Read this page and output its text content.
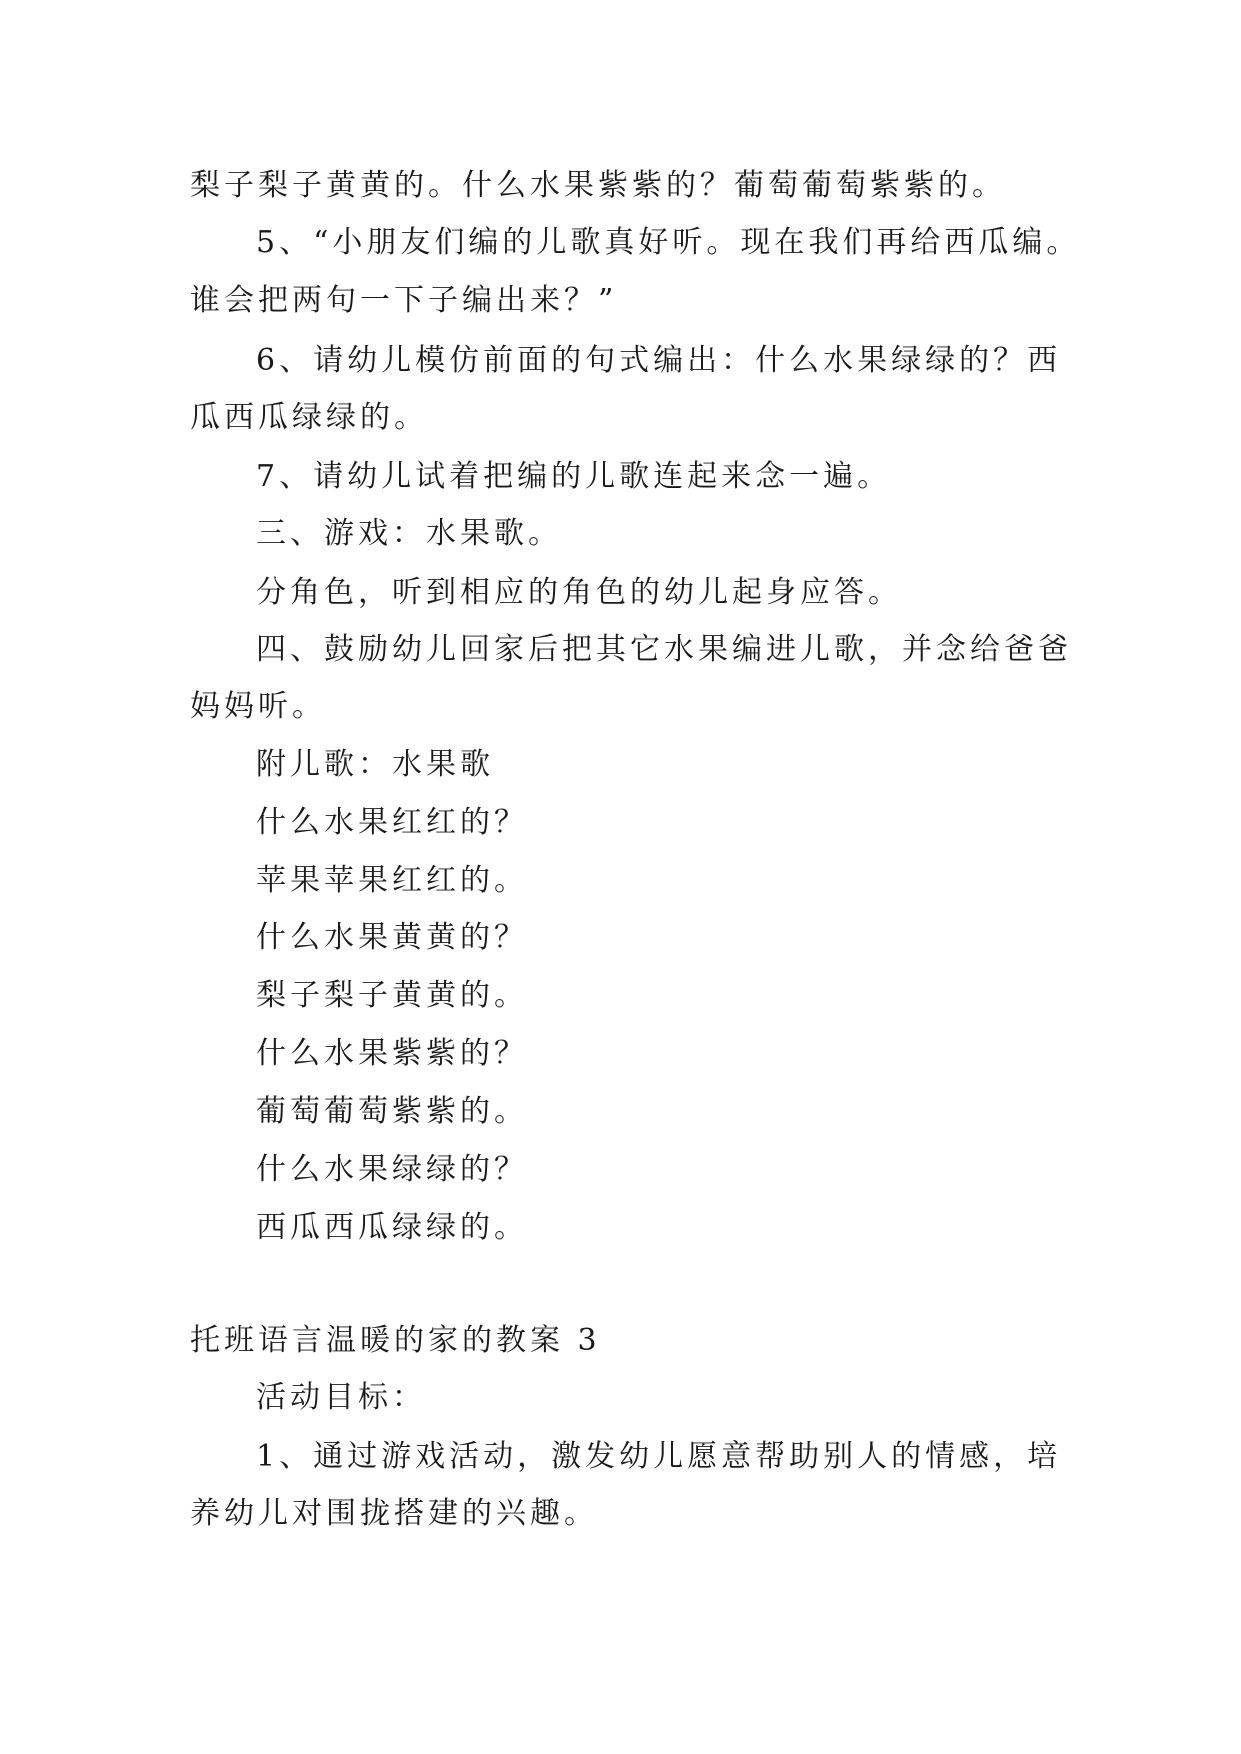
梨子梨子黄黄的。什么水果紫紫的？葡萄葡萄紫紫的。
5、“小朋友们编的儿歌真好听。现在我们再给西瓜编。
谁会把两句一下子编出来？”
6、请幼儿模仿前面的句式编出：什么水果绿绿的？西
瓜西瓜绿绿的。
7、请幼儿试着把编的儿歌连起来念一遍。
三、游戏：水果歌。
分角色，听到相应的角色的幼儿起身应答。
四、鼓励幼儿回家后把其它水果编进儿歌，并念给爸爸
妈妈听。
附儿歌：水果歌
什么水果红红的？
苹果苹果红红的。
什么水果黄黄的？
梨子梨子黄黄的。
什么水果紫紫的？
葡萄葡萄紫紫的。
什么水果绿绿的？
西瓜西瓜绿绿的。
托班语言温暖的家的教案 3
活动目标：
1、通过游戏活动，激发幼儿愿意帮助别人的情感，培
养幼儿对围拢搭建的兴趣。
